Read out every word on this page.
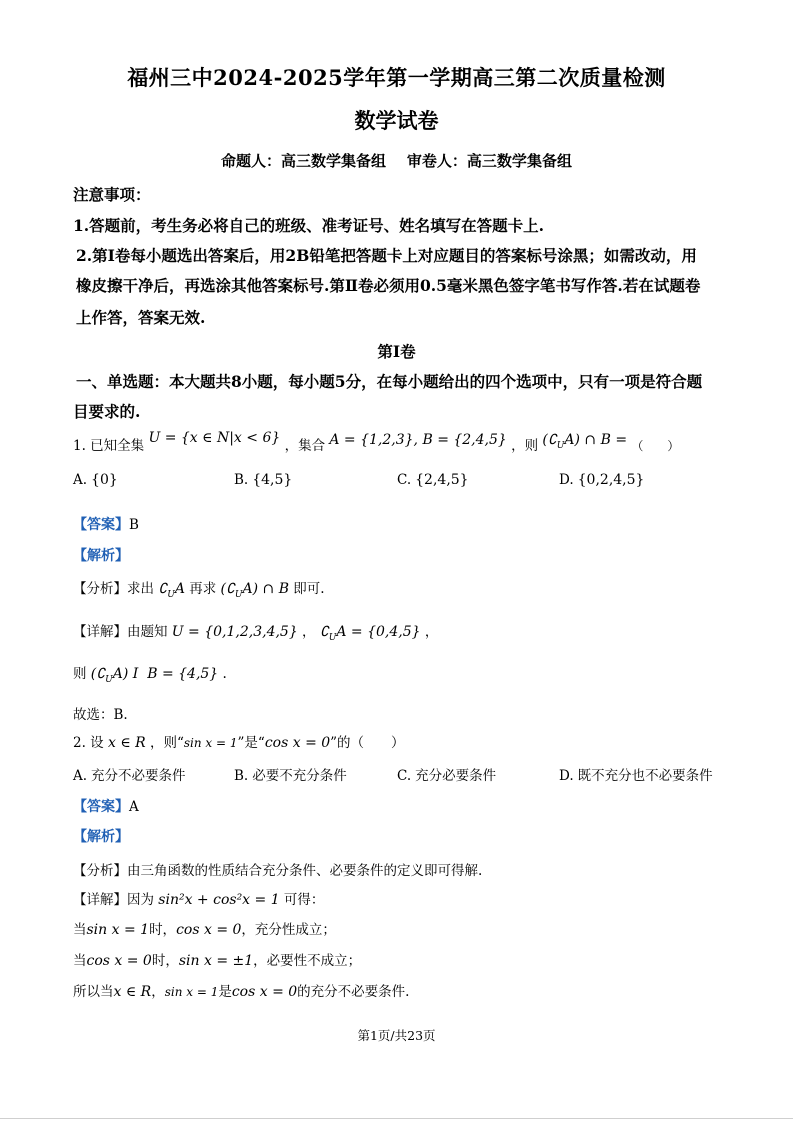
福州三中2024-2025学年第一学期高三第二次质量检测
数学试卷
命题人：高三数学集备组    审卷人：高三数学集备组
注意事项：
1.答题前，考生务必将自己的班级、准考证号、姓名填写在答题卡上.
2.第Ⅰ卷每小题选出答案后，用2B铅笔把答题卡上对应题目的答案标号涂黑；如需改动，用
橡皮擦干净后，再选涂其他答案标号.第Ⅱ卷必须用0.5毫米黑色签字笔书写作答.若在试题卷
上作答，答案无效.
第Ⅰ卷
一、单选题：本大题共8小题，每小题5分，在每小题给出的四个选项中，只有一项是符合题
目要求的.
1. 已知全集 U = {x ∈ N|x < 6} ，集合 A = {1,2,3}, B = {2,4,5} ，则 $(∁_UA)$ ∩ B = （　　）
A. {0}	B. {4,5}	C. {2,4,5}	D. {0,2,4,5}
【答案】B
【解析】
【分析】求出 $∁_UA$ 再求 $(∁_UA)$ ∩ B 即可.
【详解】由题知 U = {0,1,2,3,4,5} ， $∁_UA = \{0,4,5\}$ ，
则 $(∁_UA)$ I  B = {4,5} .
故选：B.
2. 设 x ∈ R ，则“sin x = 1”是“cos x = 0”的（　　）
A. 充分不必要条件	B. 必要不充分条件	C. 充分必要条件	D. 既不充分也不必要条件
【答案】A
【解析】
【分析】由三角函数的性质结合充分条件、必要条件的定义即可得解.
【详解】因为 sin²x + cos²x = 1 可得：
当sin x = 1时，cos x = 0，充分性成立；
当cos x = 0时，sin x = ±1，必要性不成立；
所以当x ∈ R，sin x = 1是cos x = 0的充分不必要条件.
第1页/共23页
